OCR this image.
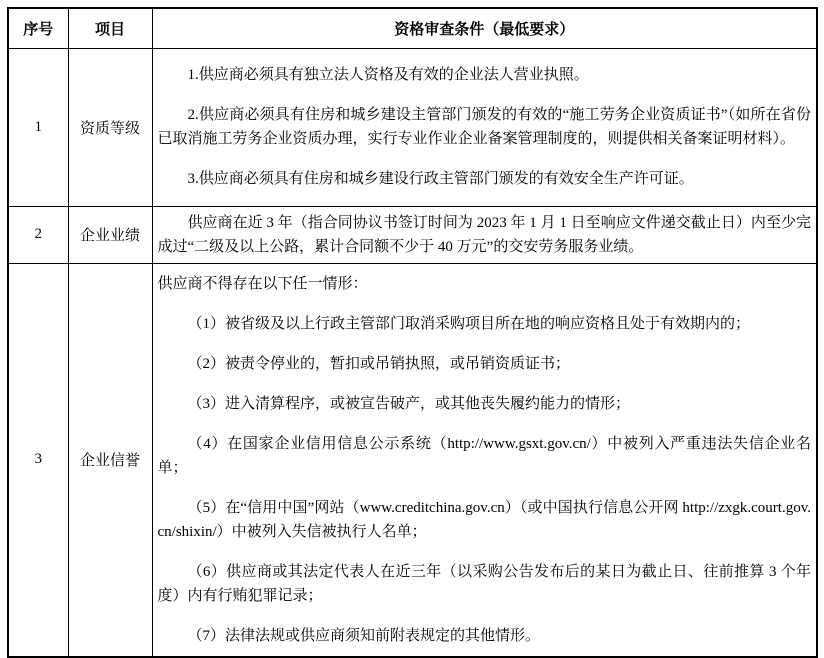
序号	项目	资格审查条件（最低要求）
1	资质等级	1.供应商必须具有独立法人资格及有效的企业法人营业执照。

2.供应商必须具有住房和城乡建设主管部门颁发的有效的“施工劳务企业资质证书”（如所在省份已取消施工劳务企业资质办理，实行专业作业企业备案管理制度的，则提供相关备案证明材料）。

3.供应商必须具有住房和城乡建设行政主管部门颁发的有效安全生产许可证。

2	企业业绩	供应商在近 3 年（指合同协议书签订时间为 2023 年 1 月 1 日至响应文件递交截止日）内至少完成过“二级及以上公路，累计合同额不少于 40 万元”的交安劳务服务业绩。

3	企业信誉	

供应商不得存在以下任一情形：

（1）被省级及以上行政主管部门取消采购项目所在地的响应资格且处于有效期内的；

（2）被责令停业的，暂扣或吊销执照，或吊销资质证书；

（3）进入清算程序，或被宣告破产，或其他丧失履约能力的情形；

（4）在国家企业信用信息公示系统（http://www.gsxt.gov.cn/）中被列入严重违法失信企业名单；

（5）在“信用中国”网站（www.creditchina.gov.cn）（或中国执行信息公开网 http://zxgk.court.gov.cn/shixin/）中被列入失信被执行人名单；

（6）供应商或其法定代表人在近三年（以采购公告发布后的某日为截止日、往前推算 3 个年度）内有行贿犯罪记录；

（7）法律法规或供应商须知前附表规定的其他情形。
